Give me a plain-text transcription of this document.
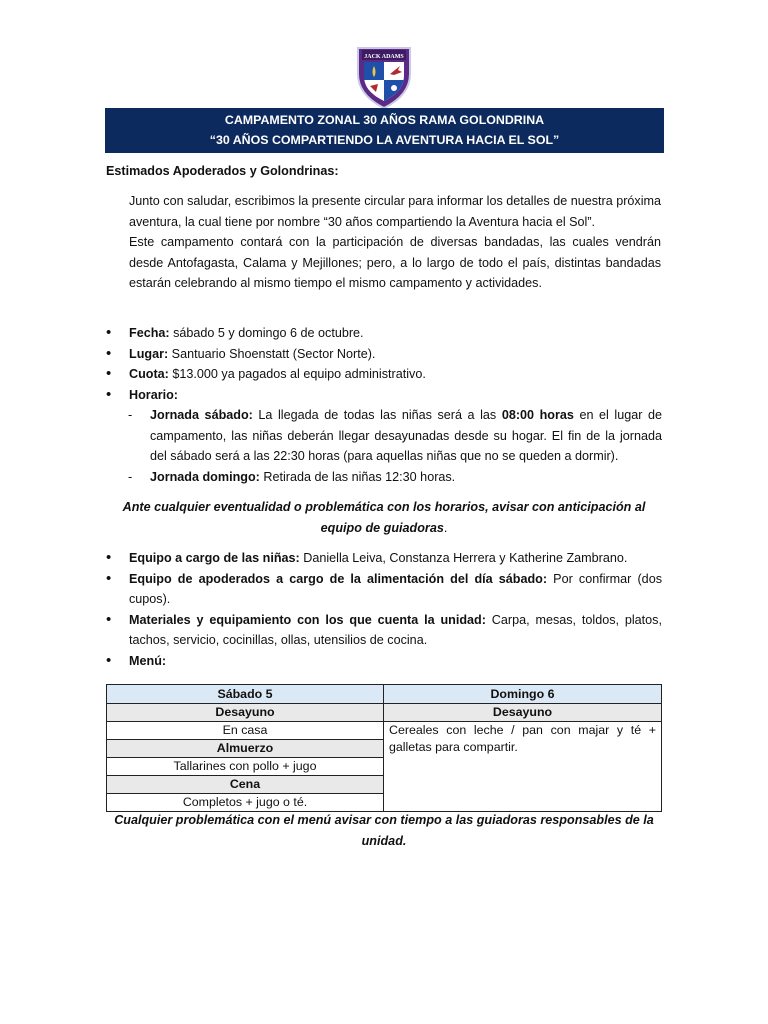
JACK ADAMS
CAMPAMENTO ZONAL 30 AÑOS RAMA GOLONDRINA
“30 AÑOS COMPARTIENDO LA AVENTURA HACIA EL SOL”
Estimados Apoderados y Golondrinas:

Junto con saludar, escribimos la presente circular para informar los detalles de nuestra próxima aventura, la cual tiene por nombre “30 años compartiendo la Aventura hacia el Sol”.

Este campamento contará con la participación de diversas bandadas, las cuales vendrán desde Antofagasta, Calama y Mejillones; pero, a lo largo de todo el país, distintas bandadas estarán celebrando al mismo tiempo el mismo campamento y actividades.

• Fecha: sábado 5 y domingo 6 de octubre.
• Lugar: Santuario Shoenstatt (Sector Norte).
• Cuota: $13.000 ya pagados al equipo administrativo.
• Horario:
- Jornada sábado: La llegada de todas las niñas será a las 08:00 horas en el lugar de campamento, las niñas deberán llegar desayunadas desde su hogar. El fin de la jornada del sábado será a las 22:30 horas (para aquellas niñas que no se queden a dormir).
- Jornada domingo: Retirada de las niñas 12:30 horas.
Ante cualquier eventualidad o problemática con los horarios, avisar con anticipación al equipo de guiadoras.
• Equipo a cargo de las niñas: Daniella Leiva, Constanza Herrera y Katherine Zambrano.
• Equipo de apoderados a cargo de la alimentación del día sábado: Por confirmar (dos cupos).
• Materiales y equipamiento con los que cuenta la unidad: Carpa, mesas, toldos, platos, tachos, servicio, cocinillas, ollas, utensilios de cocina.
• Menú:
Sábado 5	Domingo 6
Desayuno	Desayuno
En casa	Cereales con leche / pan con majar y té + galletas para compartir.
Almuerzo	
Tallarines con pollo + jugo	
Cena	
Completos + jugo o té.	
Cualquier problemática con el menú avisar con tiempo a las guiadoras responsables de la unidad.
